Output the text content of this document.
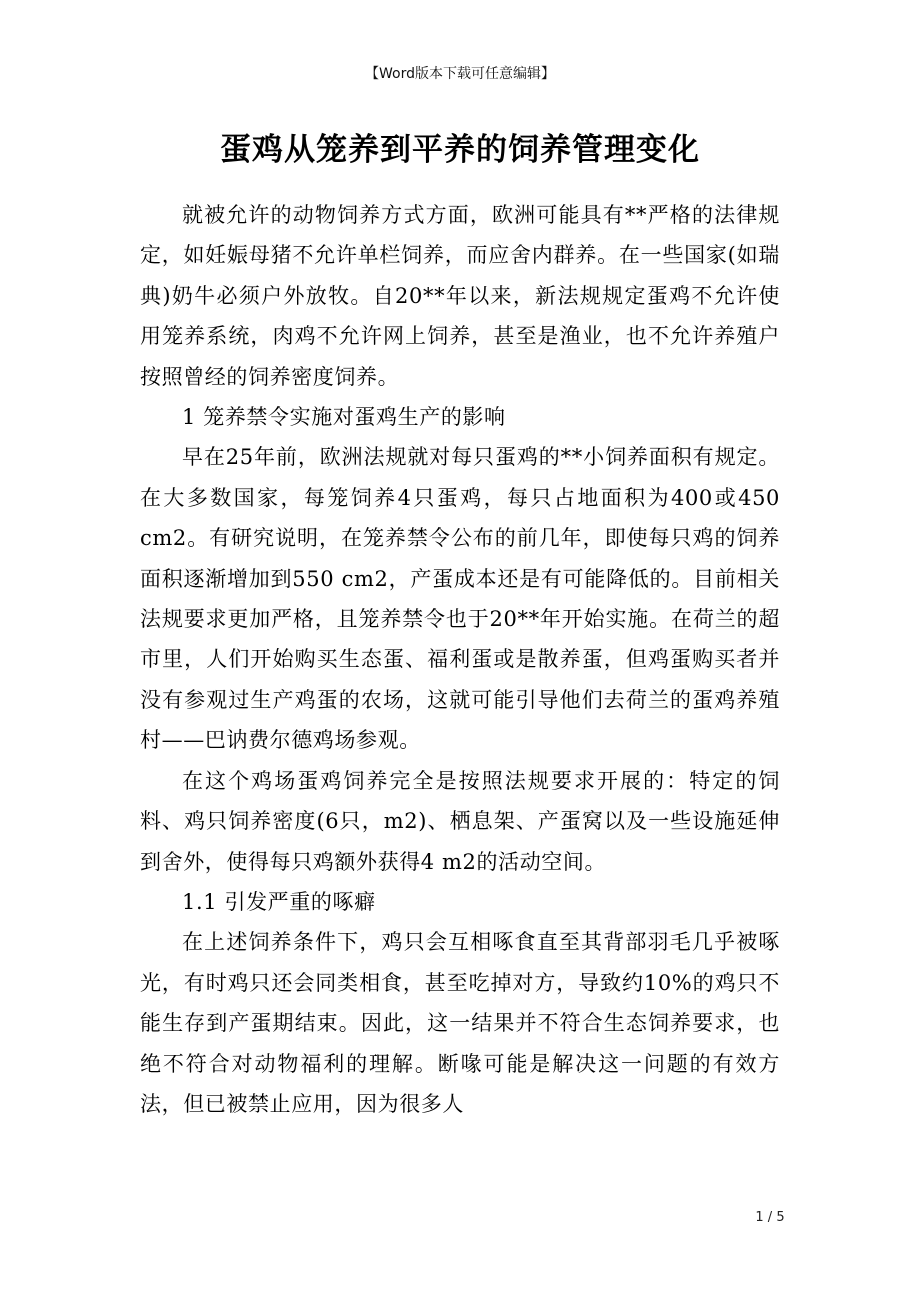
【Word版本下载可任意编辑】
蛋鸡从笼养到平养的饲养管理变化

就被允许的动物饲养方式方面，欧洲可能具有**严格的法律规定，如妊娠母猪不允许单栏饲养，而应舍内群养。在一些国家(如瑞典)奶牛必须户外放牧。自20**年以来，新法规规定蛋鸡不允许使用笼养系统，肉鸡不允许网上饲养，甚至是渔业，也不允许养殖户按照曾经的饲养密度饲养。

1 笼养禁令实施对蛋鸡生产的影响

早在25年前，欧洲法规就对每只蛋鸡的**小饲养面积有规定。在大多数国家，每笼饲养4只蛋鸡，每只占地面积为400或450 cm2。有研究说明，在笼养禁令公布的前几年，即使每只鸡的饲养面积逐渐增加到550 cm2，产蛋成本还是有可能降低的。目前相关法规要求更加严格，且笼养禁令也于20**年开始实施。在荷兰的超市里，人们开始购买生态蛋、福利蛋或是散养蛋，但鸡蛋购买者并没有参观过生产鸡蛋的农场，这就可能引导他们去荷兰的蛋鸡养殖村——巴讷费尔德鸡场参观。

在这个鸡场蛋鸡饲养完全是按照法规要求开展的：特定的饲料、鸡只饲养密度(6只，m2)、栖息架、产蛋窝以及一些设施延伸到舍外，使得每只鸡额外获得4 m2的活动空间。

1.1 引发严重的啄癖

在上述饲养条件下，鸡只会互相啄食直至其背部羽毛几乎被啄光，有时鸡只还会同类相食，甚至吃掉对方，导致约10%的鸡只不能生存到产蛋期结束。因此，这一结果并不符合生态饲养要求，也绝不符合对动物福利的理解。断喙可能是解决这一问题的有效方法，但已被禁止应用，因为很多人

1 / 5
